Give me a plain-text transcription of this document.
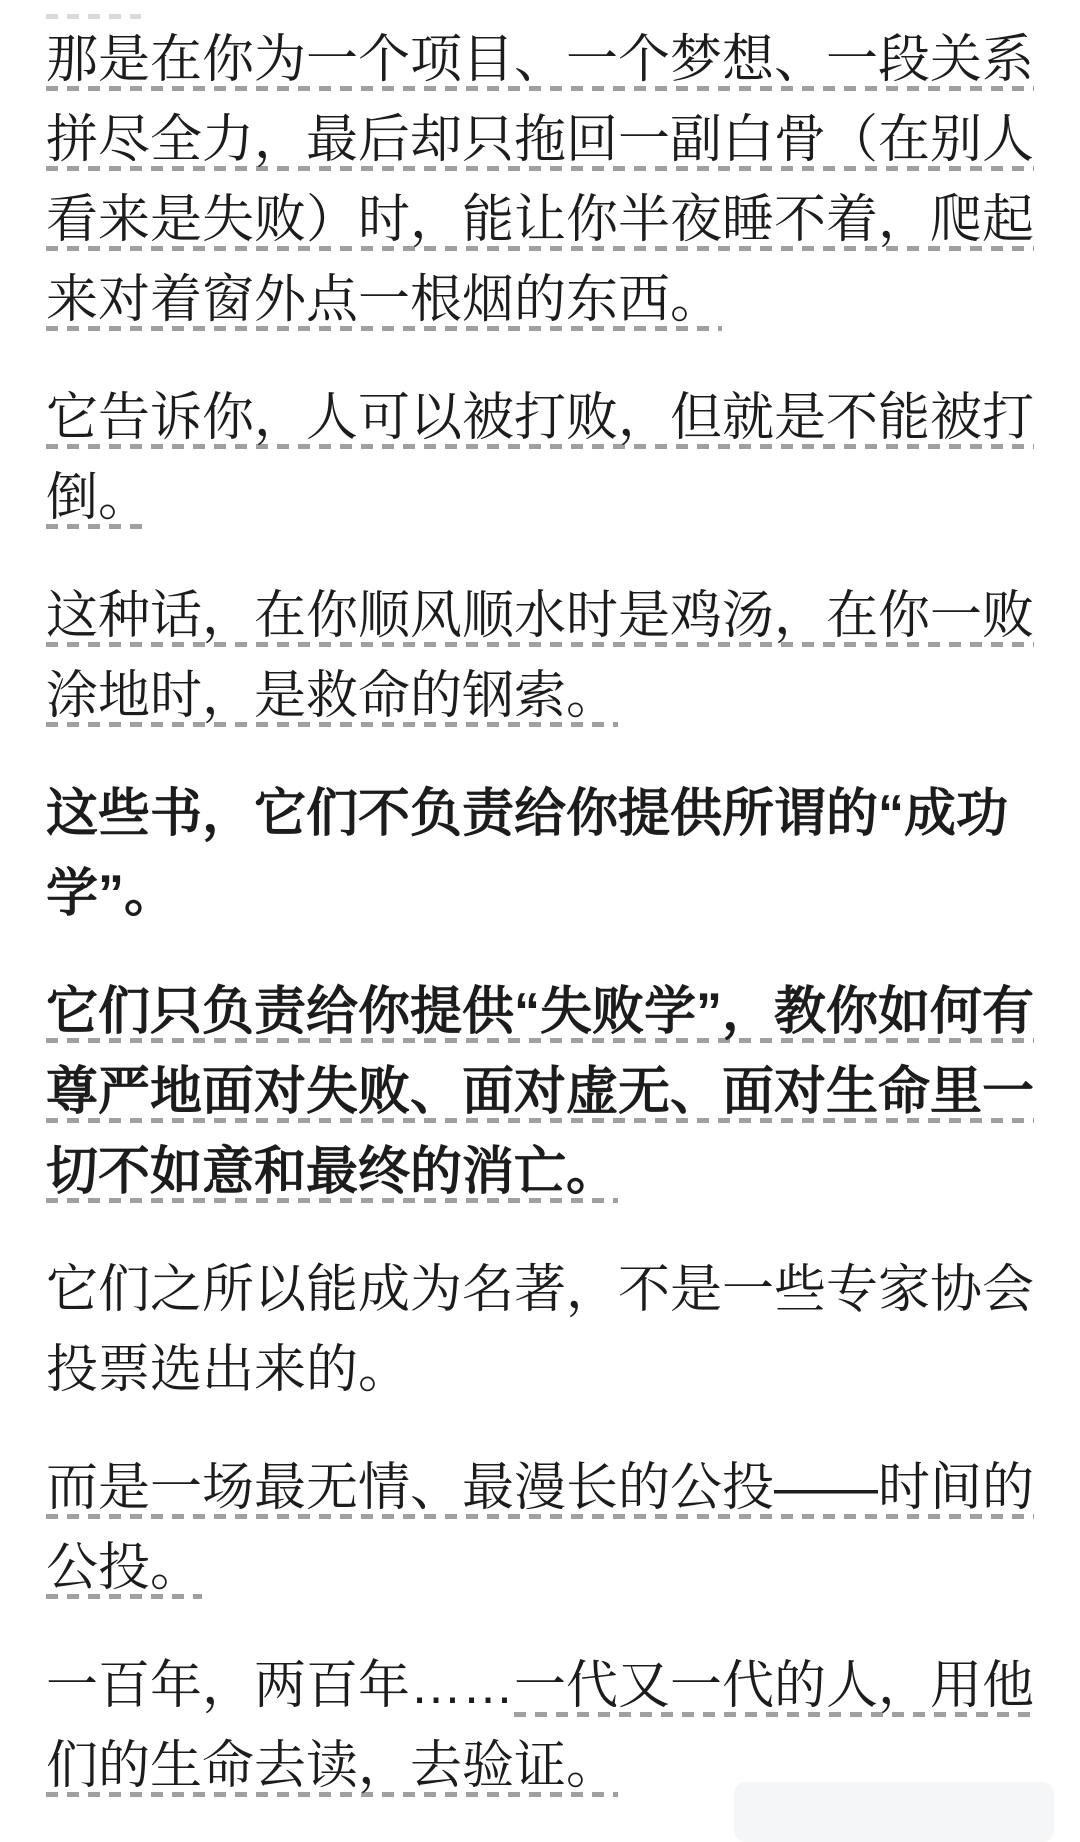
那是在你为一个项目、一个梦想、一段关系 拼尽全力，最后却只拖回一副白骨（在别人 看来是失败）时，能让你半夜睡不着，爬起 来对着窗外点一根烟的东西。

它告诉你，人可以被打败，但就是不能被打 倒。

这种话，在你顺风顺水时是鸡汤，在你一败 涂地时，是救命的钢索。

这些书，它们不负责给你提供所谓的“成功 学”。

它们只负责给你提供“失败学”，教你如何有 尊严地面对失败、面对虚无、面对生命里一 切不如意和最终的消亡。

它们之所以能成为名著，不是一些专家协会 投票选出来的。

而是一场最无情、最漫长的公投——时间的 公投。

一百年，两百年……一代又一代的人，用他 们的生命去读，去验证。
